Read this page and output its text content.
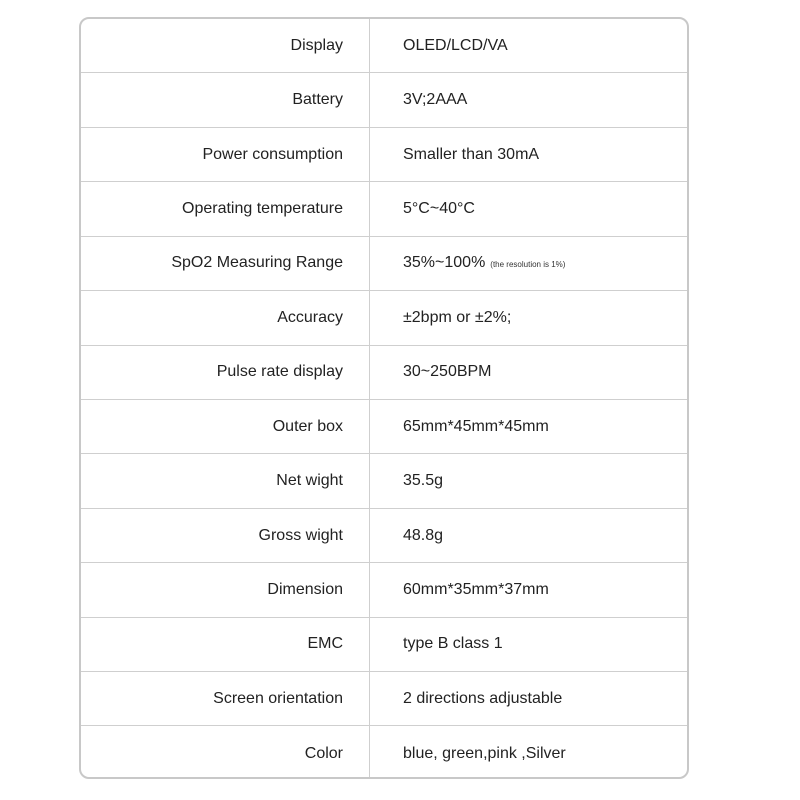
Display	OLED/LCD/VA
Battery	3V;2AAA
Power consumption	Smaller than 30mA
Operating temperature	5°C~40°C
SpO2 Measuring Range	35%~100% (the resolution is 1%)
Accuracy	±2bpm or ±2%;
Pulse rate display	30~250BPM
Outer box	65mm*45mm*45mm
Net wight	35.5g
Gross wight	48.8g
Dimension	60mm*35mm*37mm
EMC	type B class 1
Screen orientation	2 directions adjustable
Color	blue, green,pink ,Silver
